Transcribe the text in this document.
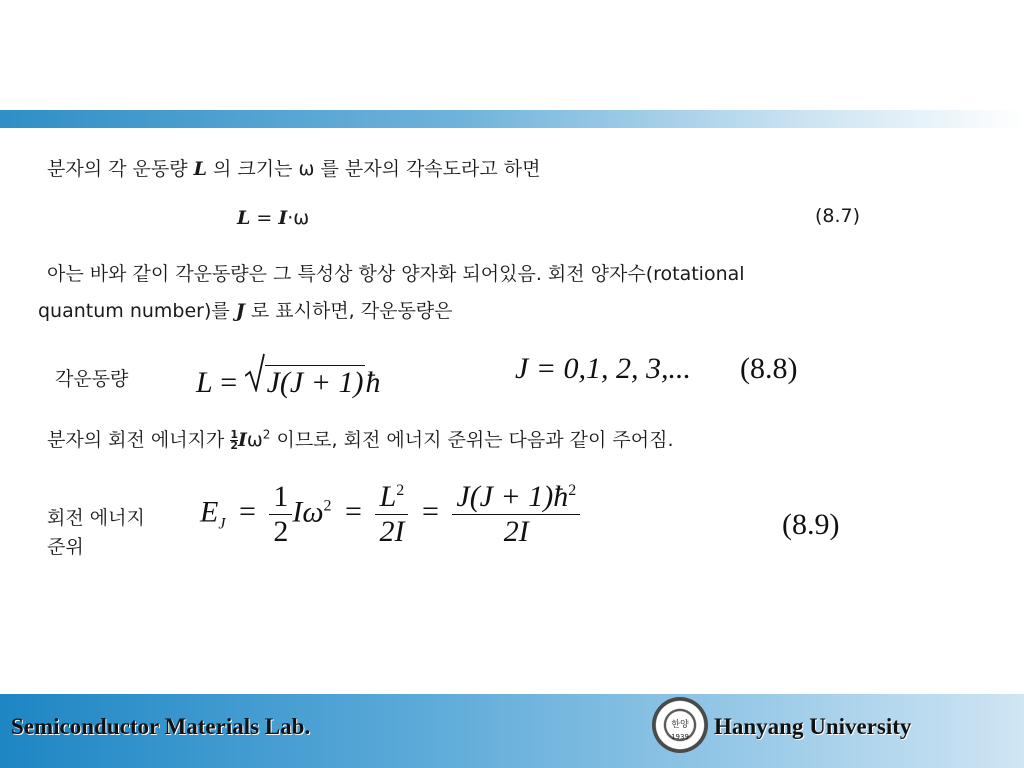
분자의 각 운동량 L 의 크기는 ω 를 분자의 각속도라고 하면
L = I·ω	(8.7)
아는 바와 같이 각운동량은 그 특성상 항상 양자화 되어있음. 회전 양자수(rotational
quantum number)를 J 로 표시하면, 각운동량은
각운동량 L = J(J + 1)ħ	J = 0,1, 2, 3,... (8.8)
분자의 회전 에너지가 $\frac{1}{2} I\omega^2$ 이므로, 회전 에너지 준위는 다음과 같이 주어짐.
회전 에너지
준위
$E_J = \frac{1}{2} I\omega^2 = \frac{L^2}{2I} = \frac{J(J + 1)ħ^2}{2I}$	(8.9)
Semiconductor Materials Lab.	Hanyang University
한양
1939
